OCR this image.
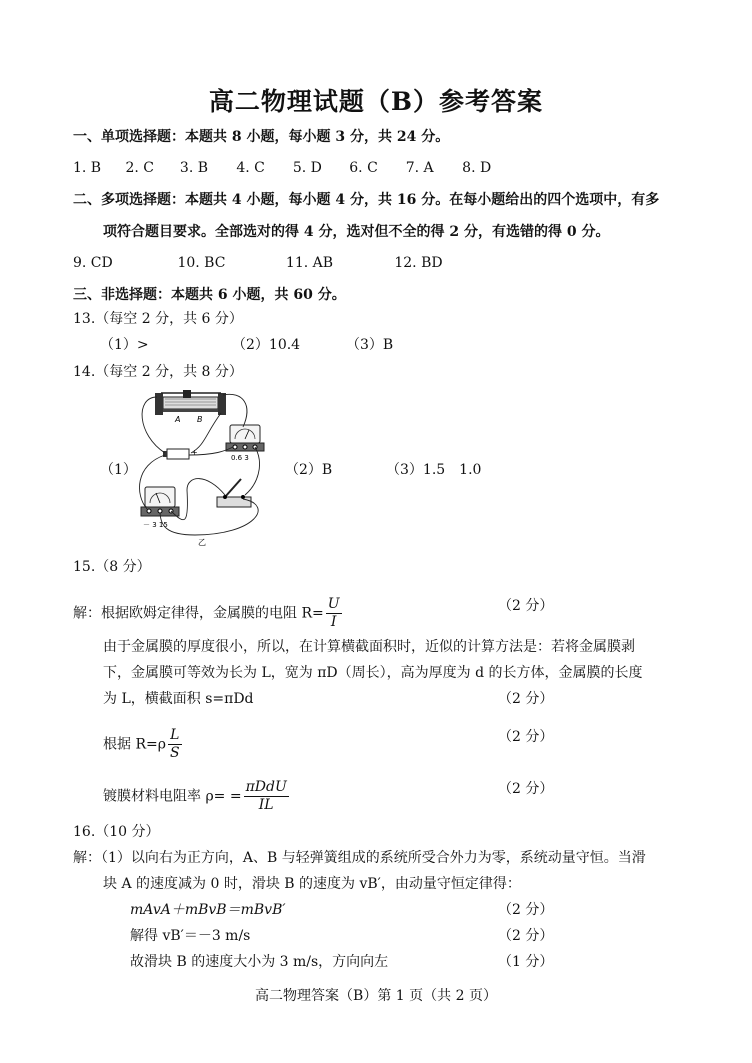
高二物理试题（B）参考答案
一、单项选择题：本题共 8 小题，每小题 3 分，共 24 分。
1. B 2. C 3. B 4. C 5. D 6. C 7. A 8. D
二、多项选择题：本题共 4 小题，每小题 4 分，共 16 分。在每小题给出的四个选项中，有多
项符合题目要求。全部选对的得 4 分，选对但不全的得 2 分，有选错的得 0 分。
9. CD	10. BC	11. AB	12. BD
三、非选择题：本题共 6 小题，共 60 分。
13.（每空 2 分，共 6 分）
（1）>	（2）10.4	（3）B
14.（每空 2 分，共 8 分）
（1）	（2）B	（3）1.5　1.0
A B
0.6 3
+
－ 3 15
乙
15.（8 分）
解：根据欧姆定律得，金属膜的电阻 $R= \frac{U}{I}$	（2 分）
由于金属膜的厚度很小，所以，在计算横截面积时，近似的计算方法是：若将金属膜剥
下，金属膜可等效为长为 L，宽为 πD（周长），高为厚度为 d 的长方体，金属膜的长度
为 L，横截面积 s=πDd	（2 分）
根据 $R=\rho \frac{L}{S}$	（2 分）
镀膜材料电阻率 $\rho= = \frac{\text{πDdU}}{IL}$	（2 分）
16.（10 分）
解：（1）以向右为正方向，A、B 与轻弹簧组成的系统所受合外力为零，系统动量守恒。当滑
块 A 的速度减为 0 时，滑块 B 的速度为 vB′，由动量守恒定律得：
mAvA＋mBvB＝mBvB′	（2 分）
解得 vB′＝－3 m/s	（2 分）
故滑块 B 的速度大小为 3 m/s，方向向左	（1 分）
高二物理答案（B）第 1 页（共 2 页）
